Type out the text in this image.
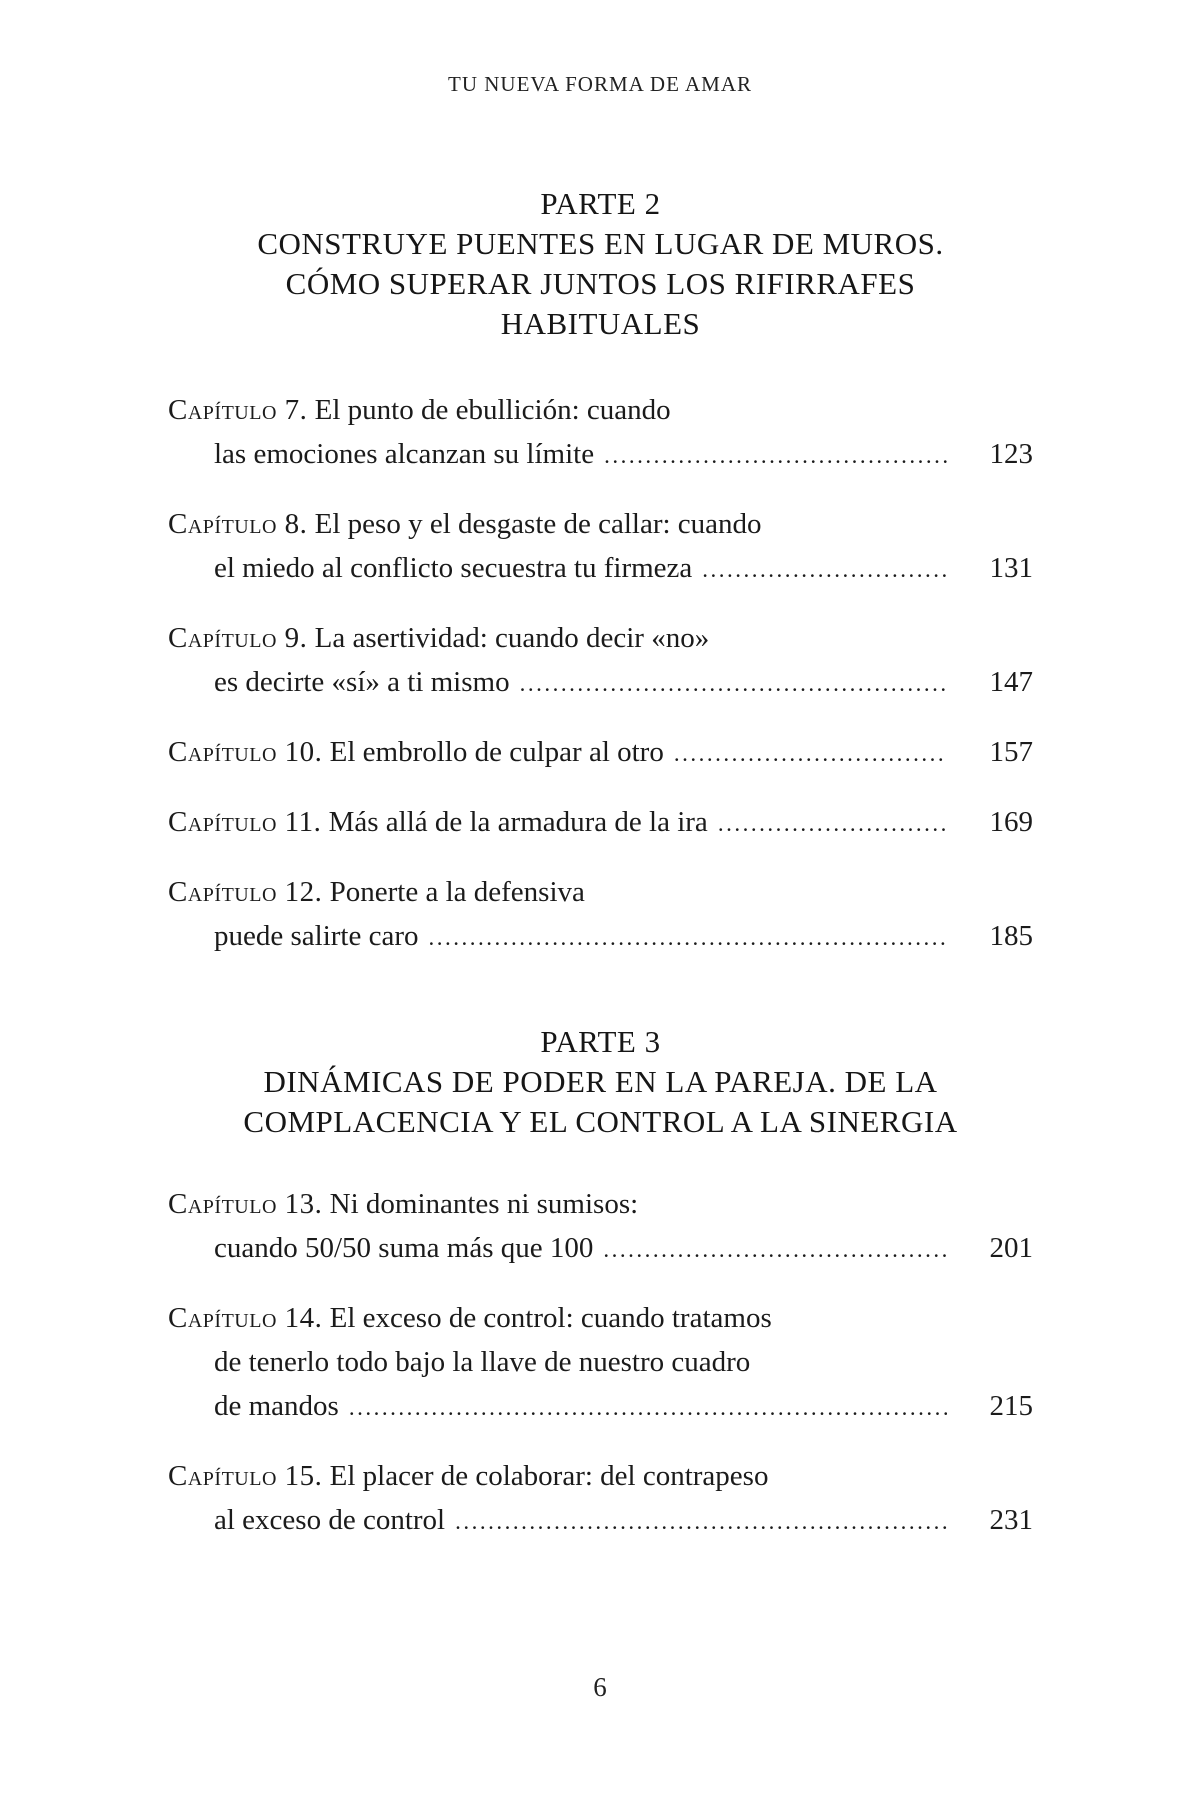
TU NUEVA FORMA DE AMAR
PARTE 2
CONSTRUYE PUENTES EN LUGAR DE MUROS.
CÓMO SUPERAR JUNTOS LOS RIFIRRAFES
HABITUALES
Capítulo 7. El punto de ebullición: cuando
las emociones alcanzan su límite .....	123
Capítulo 8. El peso y el desgaste de callar: cuando
el miedo al conflicto secuestra tu firmeza .....	131
Capítulo 9. La asertividad: cuando decir «no»
es decirte «sí» a ti mismo .....	147
Capítulo 10. El embrollo de culpar al otro .....	157
Capítulo 11. Más allá de la armadura de la ira .....	169
Capítulo 12. Ponerte a la defensiva
puede salirte caro .....	185
PARTE 3
DINÁMICAS DE PODER EN LA PAREJA. DE LA
COMPLACENCIA Y EL CONTROL A LA SINERGIA
Capítulo 13. Ni dominantes ni sumisos:
cuando 50/50 suma más que 100 .....	201
Capítulo 14. El exceso de control: cuando tratamos
de tenerlo todo bajo la llave de nuestro cuadro
de mandos .....	215
Capítulo 15. El placer de colaborar: del contrapeso
al exceso de control .....	231
6
